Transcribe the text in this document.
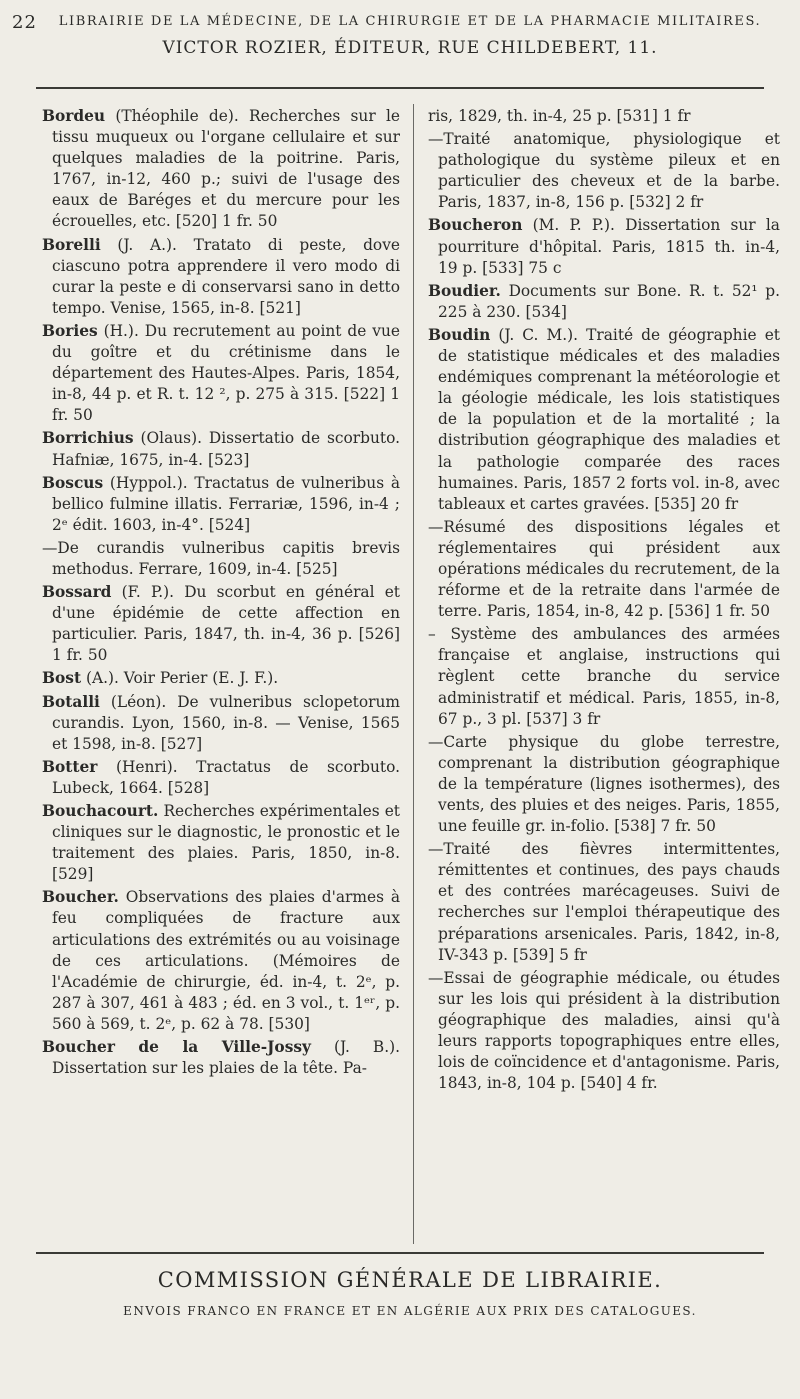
22	LIBRAIRIE DE LA MÉDECINE, DE LA CHIRURGIE ET DE LA PHARMACIE MILITAIRES.
VICTOR ROZIER, ÉDITEUR, RUE CHILDEBERT, 11.

Bordeu (Théophile de). Recherches sur le tissu muqueux ou l'organe cellulaire et sur quelques maladies de la poitrine. Paris, 1767, in-12, 460 p.; suivi de l'usage des eaux de Baréges et du mercure pour les écrouelles, etc. [520] 1 fr. 50

Borelli (J. A.). Tratato di peste, dove ciascuno potra apprendere il vero modo di curar la peste e di conservarsi sano in detto tempo. Venise, 1565, in-8. [521]

Bories (H.). Du recrutement au point de vue du goître et du crétinisme dans le département des Hautes-Alpes. Paris, 1854, in-8, 44 p. et R. t. 12 ², p. 275 à 315. [522] 1 fr. 50

Borrichius (Olaus). Dissertatio de scorbuto. Hafniæ, 1675, in-4. [523]

Boscus (Hyppol.). Tractatus de vulneribus à bellico fulmine illatis. Ferrariæ, 1596, in-4 ; 2ᵉ édit. 1603, in-4°. [524]

—De curandis vulneribus capitis brevis methodus. Ferrare, 1609, in-4. [525]

Bossard (F. P.). Du scorbut en général et d'une épidémie de cette affection en particulier. Paris, 1847, th. in-4, 36 p. [526] 1 fr. 50

Bost (A.). Voir Perier (E. J. F.).

Botalli (Léon). De vulneribus sclopetorum curandis. Lyon, 1560, in-8. — Venise, 1565 et 1598, in-8. [527]

Botter (Henri). Tractatus de scorbuto. Lubeck, 1664. [528]

Bouchacourt. Recherches expérimentales et cliniques sur le diagnostic, le pronostic et le traitement des plaies. Paris, 1850, in-8. [529]

Boucher. Observations des plaies d'armes à feu compliquées de fracture aux articulations des extrémités ou au voisinage de ces articulations. (Mémoires de l'Académie de chirurgie, éd. in-4, t. 2ᵉ, p. 287 à 307, 461 à 483 ; éd. en 3 vol., t. 1ᵉʳ, p. 560 à 569, t. 2ᵉ, p. 62 à 78. [530]

Boucher de la Ville-Jossy (J. B.). Dissertation sur les plaies de la tête. Pa-

ris, 1829, th. in-4, 25 p. [531] 1 fr

—Traité anatomique, physiologique et pathologique du système pileux et en particulier des cheveux et de la barbe. Paris, 1837, in-8, 156 p. [532] 2 fr

Boucheron (M. P. P.). Dissertation sur la pourriture d'hôpital. Paris, 1815 th. in-4, 19 p. [533] 75 c

Boudier. Documents sur Bone. R. t. 52¹ p. 225 à 230. [534]

Boudin (J. C. M.). Traité de géographie et de statistique médicales et des maladies endémiques comprenant la météorologie et la géologie médicale, les lois statistiques de la population et de la mortalité ; la distribution géographique des maladies et la pathologie comparée des races humaines. Paris, 1857 2 forts vol. in-8, avec tableaux et cartes gravées. [535] 20 fr

—Résumé des dispositions légales et réglementaires qui président aux opérations médicales du recrutement, de la réforme et de la retraite dans l'armée de terre. Paris, 1854, in-8, 42 p. [536] 1 fr. 50

– Système des ambulances des armées française et anglaise, instructions qui règlent cette branche du service administratif et médical. Paris, 1855, in-8, 67 p., 3 pl. [537] 3 fr

—Carte physique du globe terrestre, comprenant la distribution géographique de la température (lignes isothermes), des vents, des pluies et des neiges. Paris, 1855, une feuille gr. in-folio. [538] 7 fr. 50

—Traité des fièvres intermittentes, rémittentes et continues, des pays chauds et des contrées marécageuses. Suivi de recherches sur l'emploi thérapeutique des préparations arsenicales. Paris, 1842, in-8, IV-343 p. [539] 5 fr

—Essai de géographie médicale, ou études sur les lois qui président à la distribution géographique des maladies, ainsi qu'à leurs rapports topographiques entre elles, lois de coïncidence et d'antagonisme. Paris, 1843, in-8, 104 p. [540] 4 fr.

COMMISSION GÉNÉRALE DE LIBRAIRIE.
ENVOIS FRANCO EN FRANCE ET EN ALGÉRIE AUX PRIX DES CATALOGUES.
